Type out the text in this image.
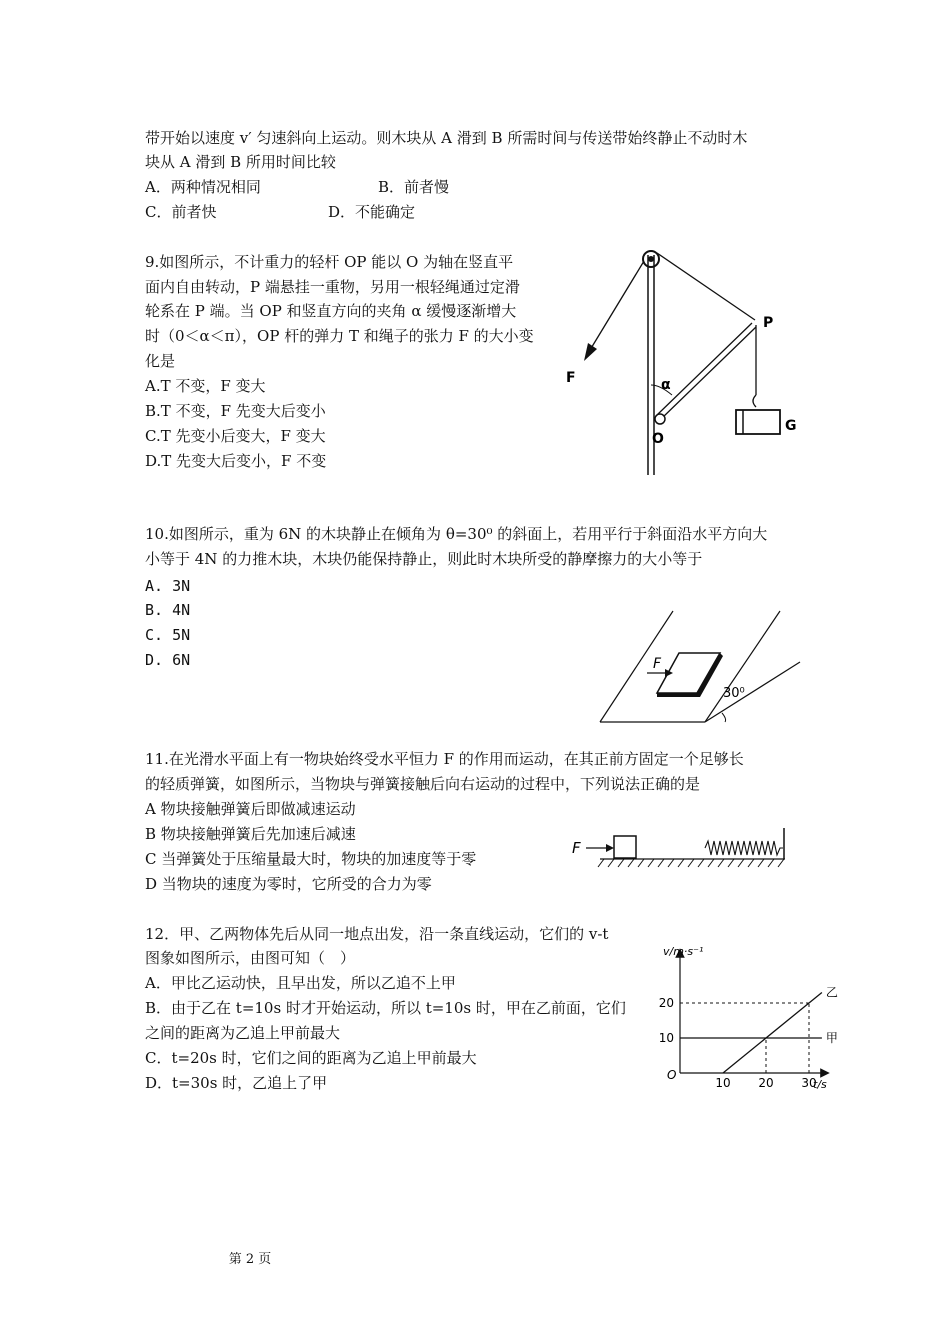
带开始以速度 v′ 匀速斜向上运动。则木块从 A 滑到 B 所需时间与传送带始终静止不动时木
块从 A 滑到 B 所用时间比较
A．两种情况相同	B．前者慢
C．前者快	D．不能确定
9.如图所示，不计重力的轻杆 OP 能以 O 为轴在竖直平
面内自由转动，P 端悬挂一重物，另用一根轻绳通过定滑
轮系在 P 端。当 OP 和竖直方向的夹角 α 缓慢逐渐增大
时（0＜α＜π），OP 杆的弹力 T 和绳子的张力 F 的大小变
化是
A.T 不变，F 变大
B.T 不变，F 先变大后变小
C.T 先变小后变大，F 变大
D.T 先变大后变小，F 不变
F
O
α
P
G
10.如图所示，重为 6N 的木块静止在倾角为 θ=30⁰ 的斜面上，若用平行于斜面沿水平方向大
小等于 4N 的力推木块，木块仍能保持静止，则此时木块所受的静摩擦力的大小等于
A. 3N
B. 4N
C. 5N
D. 6N
30⁰
F
11.在光滑水平面上有一物块始终受水平恒力 F 的作用而运动，在其正前方固定一个足够长
的轻质弹簧，如图所示，当物块与弹簧接触后向右运动的过程中，下列说法正确的是
A 物块接触弹簧后即做减速运动
B 物块接触弹簧后先加速后减速
C 当弹簧处于压缩量最大时，物块的加速度等于零
D 当物块的速度为零时，它所受的合力为零
F
12．甲、乙两物体先后从同一地点出发，沿一条直线运动，它们的 v-t
图象如图所示，由图可知（　）
A．甲比乙运动快，且早出发，所以乙追不上甲
B．由于乙在 t=10s 时才开始运动，所以 t=10s 时，甲在乙前面，它们
之间的距离为乙追上甲前最大
C．t=20s 时，它们之间的距离为乙追上甲前最大
D．t=30s 时，乙追上了甲
v/m·s⁻¹
t/s
O
10 20 30
10
20
甲
乙
第 2 页
